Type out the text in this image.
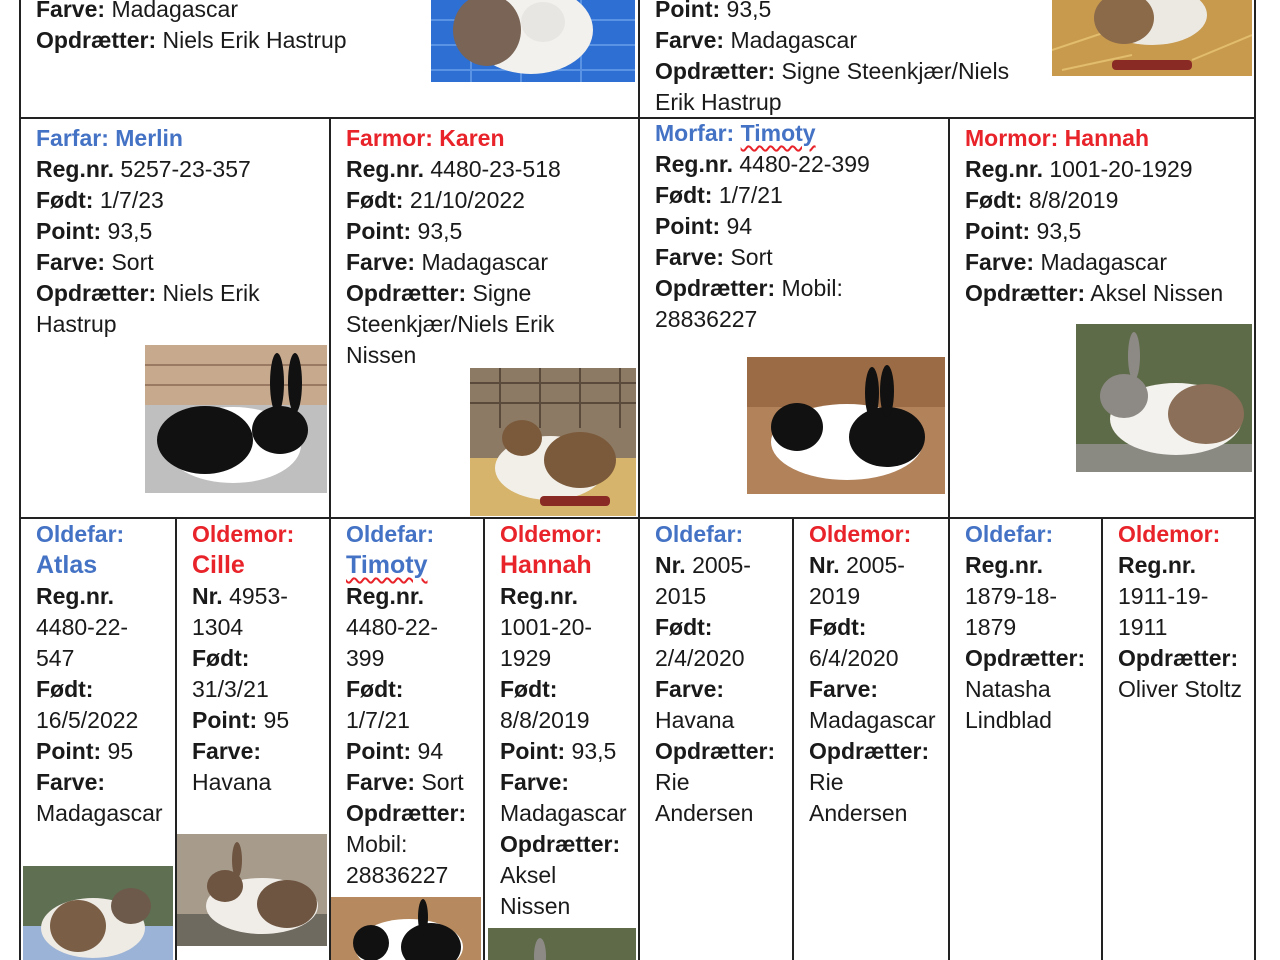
Farve: Madagascar
Opdrætter: Niels Erik Hastrup
Point: 93,5
Farve: Madagascar
Opdrætter: Signe Steenkjær/Niels Erik Hastrup
Farfar: Merlin
Reg.nr. 5257-23-357
Født: 1/7/23
Point: 93,5
Farve: Sort
Opdrætter: Niels Erik Hastrup
Farmor: Karen
Reg.nr. 4480-23-518
Født: 21/10/2022
Point: 93,5
Farve: Madagascar
Opdrætter: Signe Steenkjær/Niels Erik Nissen
Morfar: Timoty
Reg.nr. 4480-22-399
Født: 1/7/21
Point: 94
Farve: Sort
Opdrætter: Mobil: 28836227
Mormor: Hannah
Reg.nr. 1001-20-1929
Født: 8/8/2019
Point: 93,5
Farve: Madagascar
Opdrætter: Aksel Nissen
Oldefar:
Atlas
Reg.nr.
4480-22-
547
Født:
16/5/2022
Point: 95
Farve:
Madagascar
Oldemor:
Cille
Nr. 4953-
1304
Født:
31/3/21
Point: 95
Farve:
Havana
Oldefar:
Timoty
Reg.nr.
4480-22-
399
Født:
1/7/21
Point: 94
Farve: Sort
Opdrætter:
Mobil:
28836227
Oldemor:
Hannah
Reg.nr.
1001-20-
1929
Født:
8/8/2019
Point: 93,5
Farve:
Madagascar
Opdrætter:
Aksel
Nissen
Oldefar:
Nr. 2005-
2015
Født:
2/4/2020
Farve:
Havana
Opdrætter:
Rie
Andersen
Oldemor:
Nr. 2005-
2019
Født:
6/4/2020
Farve:
Madagascar
Opdrætter:
Rie
Andersen
Oldefar:
Reg.nr.
1879-18-
1879
Opdrætter:
Natasha
Lindblad
Oldemor:
Reg.nr.
1911-19-
1911
Opdrætter:
Oliver Stoltz
